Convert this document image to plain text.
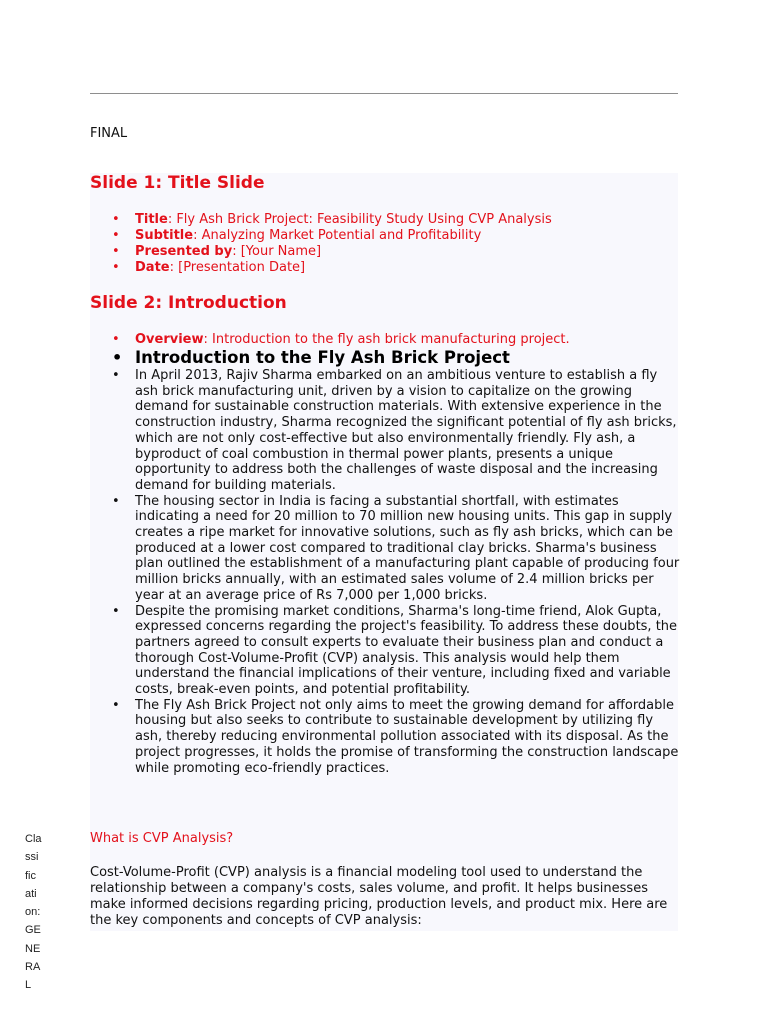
FINAL
Slide 1: Title Slide
• Title: Fly Ash Brick Project: Feasibility Study Using CVP Analysis
• Subtitle: Analyzing Market Potential and Profitability
• Presented by: [Your Name]
• Date: [Presentation Date]
Slide 2: Introduction
• Overview: Introduction to the fly ash brick manufacturing project.
• Introduction to the Fly Ash Brick Project
• In April 2013, Rajiv Sharma embarked on an ambitious venture to establish a fly ash brick manufacturing unit, driven by a vision to capitalize on the growing demand for sustainable construction materials. With extensive experience in the construction industry, Sharma recognized the significant potential of fly ash bricks, which are not only cost-effective but also environmentally friendly. Fly ash, a byproduct of coal combustion in thermal power plants, presents a unique opportunity to address both the challenges of waste disposal and the increasing demand for building materials.
• The housing sector in India is facing a substantial shortfall, with estimates indicating a need for 20 million to 70 million new housing units. This gap in supply creates a ripe market for innovative solutions, such as fly ash bricks, which can be produced at a lower cost compared to traditional clay bricks. Sharma's business plan outlined the establishment of a manufacturing plant capable of producing four million bricks annually, with an estimated sales volume of 2.4 million bricks per year at an average price of Rs 7,000 per 1,000 bricks.
• Despite the promising market conditions, Sharma's long-time friend, Alok Gupta, expressed concerns regarding the project's feasibility. To address these doubts, the partners agreed to consult experts to evaluate their business plan and conduct a thorough Cost-Volume-Profit (CVP) analysis. This analysis would help them understand the financial implications of their venture, including fixed and variable costs, break-even points, and potential profitability.
• The Fly Ash Brick Project not only aims to meet the growing demand for affordable housing but also seeks to contribute to sustainable development by utilizing fly ash, thereby reducing environmental pollution associated with its disposal. As the project progresses, it holds the promise of transforming the construction landscape while promoting eco-friendly practices.
What is CVP Analysis?
Cost-Volume-Profit (CVP) analysis is a financial modeling tool used to understand the relationship between a company's costs, sales volume, and profit. It helps businesses make informed decisions regarding pricing, production levels, and product mix. Here are the key components and concepts of CVP analysis:
Cla
ssi
fic
ati
on:
GE
NE
RA
L
